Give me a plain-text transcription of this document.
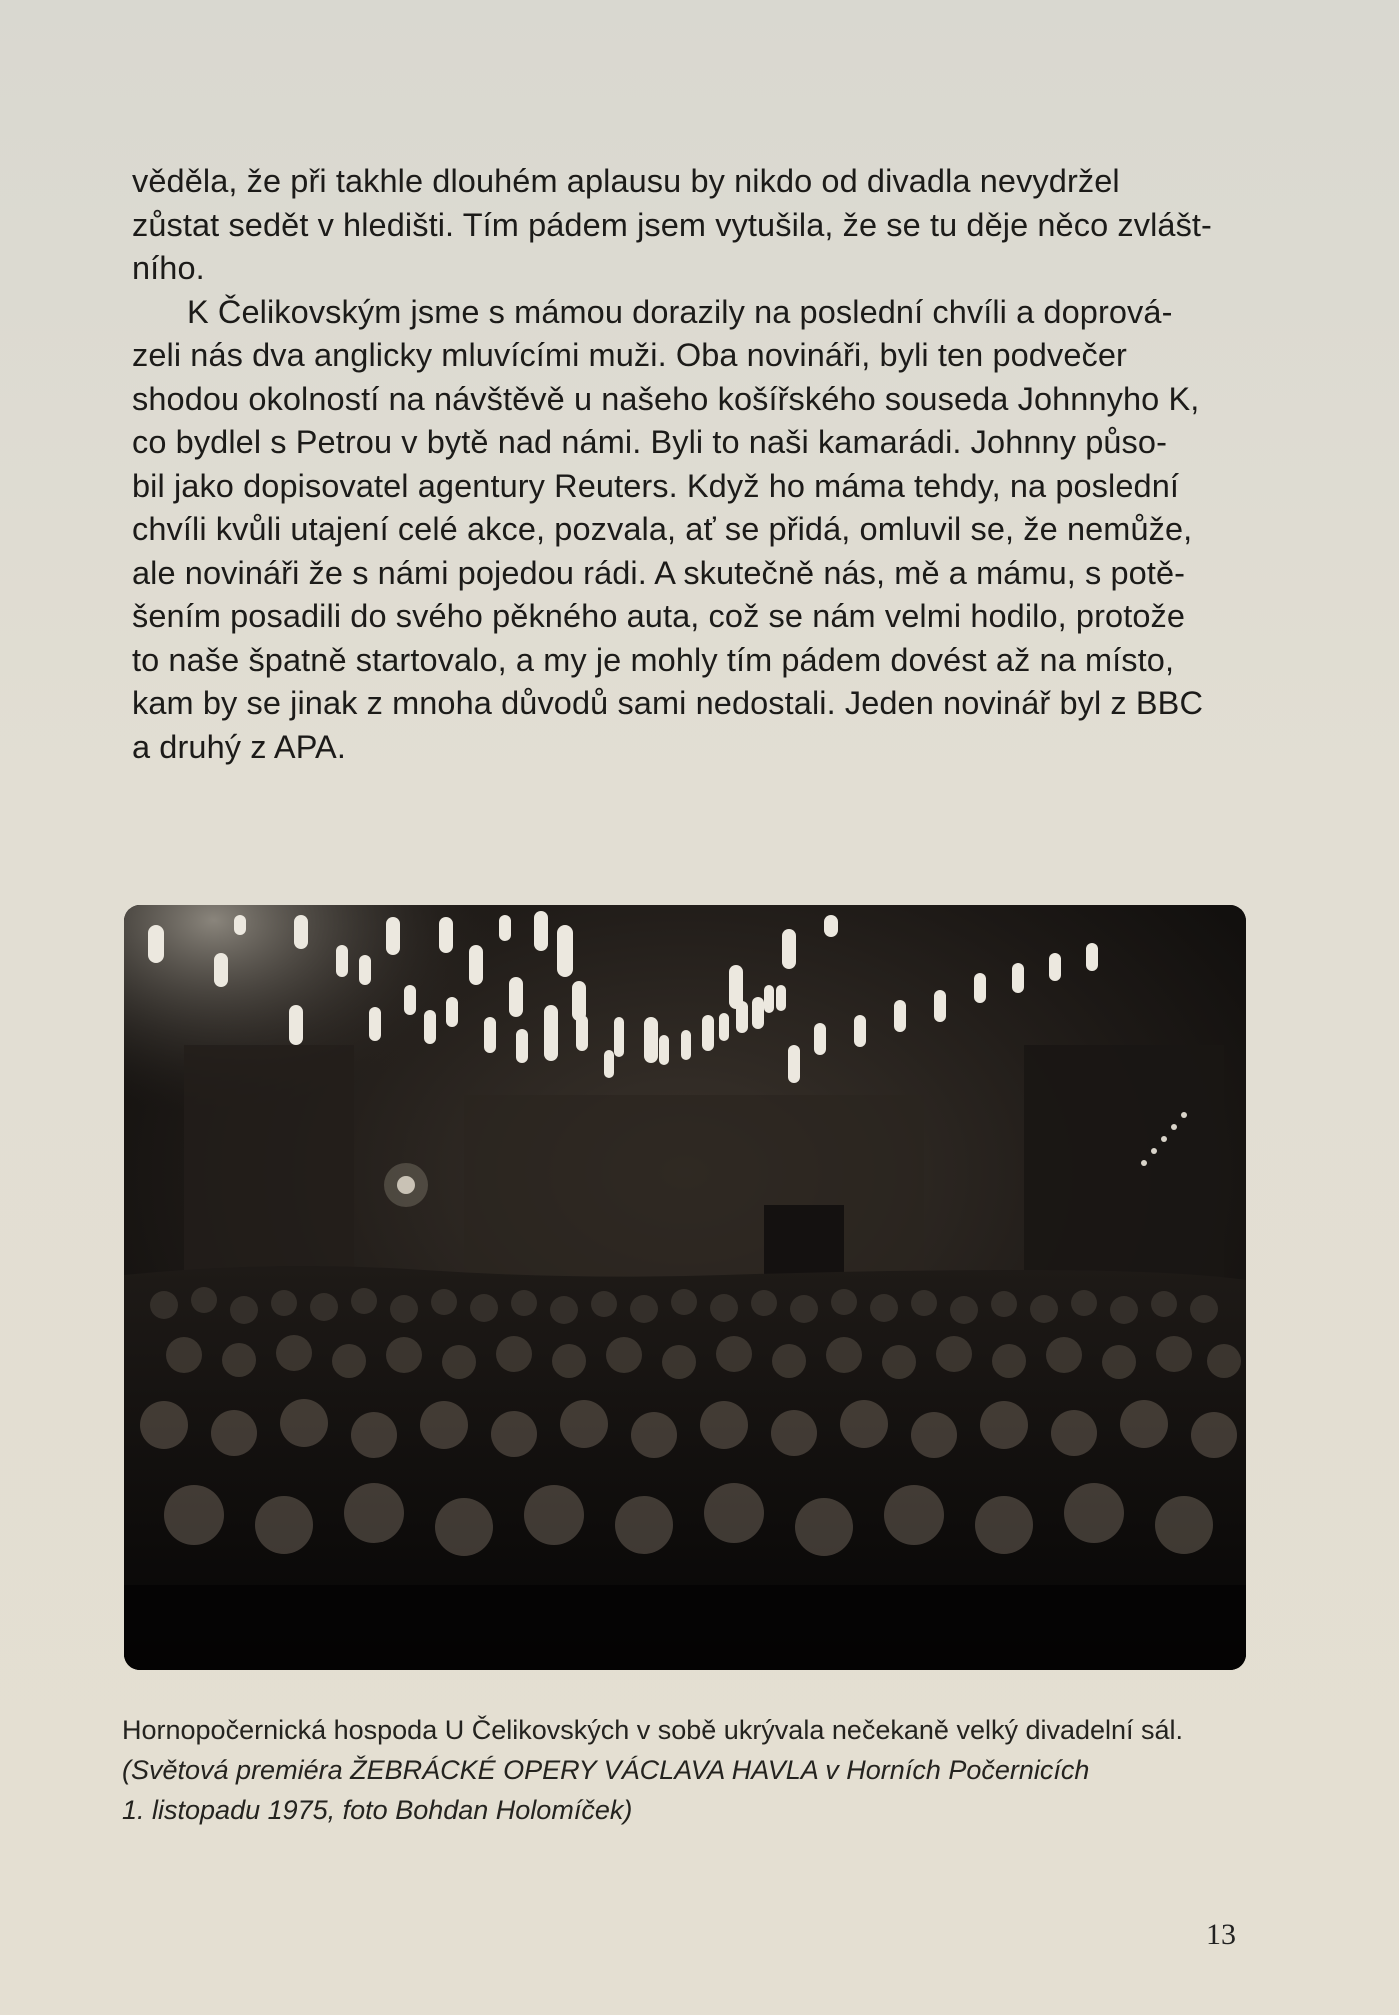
věděla, že při takhle dlouhém aplausu by nikdo od divadla nevydržel
zůstat sedět v hledišti. Tím pádem jsem vytušila, že se tu děje něco zvlášt-
ního.

K Čelikovským jsme s mámou dorazily na poslední chvíli a doprová-
zeli nás dva anglicky mluvícími muži. Oba novináři, byli ten podvečer
shodou okolností na návštěvě u našeho košířského souseda Johnnyho K,
co bydlel s Petrou v bytě nad námi. Byli to naši kamarádi. Johnny půso-
bil jako dopisovatel agentury Reuters. Když ho máma tehdy, na poslední
chvíli kvůli utajení celé akce, pozvala, ať se přidá, omluvil se, že nemůže,
ale novináři že s námi pojedou rádi. A skutečně nás, mě a mámu, s potě-
šením posadili do svého pěkného auta, což se nám velmi hodilo, protože
to naše špatně startovalo, a my je mohly tím pádem dovést až na místo,
kam by se jinak z mnoha důvodů sami nedostali. Jeden novinář byl z BBC
a druhý z APA.

Hornopočernická hospoda U Čelikovských v sobě ukrývala nečekaně velký divadelní sál.
(Světová premiéra ŽEBRÁCKÉ OPERY VÁCLAVA HAVLA v Horních Počernicích
1. listopadu 1975, foto Bohdan Holomíček)
13
